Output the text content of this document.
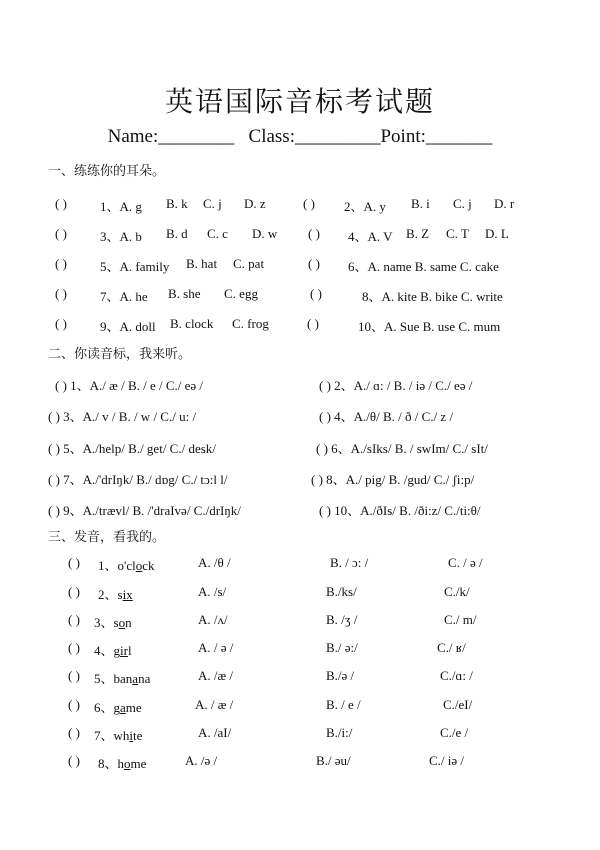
英语国际音标考试题
Name:________ Class:_________Point:_______
一、练练你的耳朵。
( )	1、A. g B. k C. j D. z	( ) 2、A. y B. i C. j D. r
( )	3、A. b B. d C. c D. w ( ) 4、A. V B. Z C. T D. L
( )	5、A. family B. hat C. pat	( ) 6、A. name B. same C. cake
( )	7、A. he B. she C. egg	( )	8、A. kite B. bike C. write
( )	9、A. doll B. clock C. frog	( )	10、A. Sue B. use C. mum
二、你读音标，我来听。
( ) 1、A./ æ / B. / e / C./ eə /	( ) 2、A./ ɑ: / B. / iə / C./ eə /
( ) 3、A./ v / B. / w / C./ u: /	( ) 4、A./θ/ B. / ð / C./ z /
( ) 5、A./help/ B./ get/ C./ desk/	( ) 6、A./sIks/ B. / swIm/ C./ sIt/
( ) 7、A./'drIŋk/ B./ dɒg/ C./ tɔ:l l/	( ) 8、A./ pig/ B. /gud/ C./ ʃi:p/
( ) 9、A./trævl/ B. /'draIvə/ C./drIŋk/	( ) 10、A./ðIs/ B. /ði:z/ C./ti:θ/
三、发音，看我的。
( ) 1、o'clock	A. /θ /	B. / ɔ: /	C. / ə /
( ) 2、six	A. /s/	B./ks/	C./k/
( ) 3、son	A. /ʌ/	B. /ʒ /	C./ m/
( ) 4、girl	A. / ə /	B./ ə:/	C./ ʁ/
( ) 5、banana	A. /æ /	B./ə /	C./ɑ: /
( ) 6、game	A. / æ /	B. / e /	C./eI/
( ) 7、white	A. /aI/	B./i:/	C./e /
( ) 8、home	A. /ə /	B./ əu/	C./ iə /
